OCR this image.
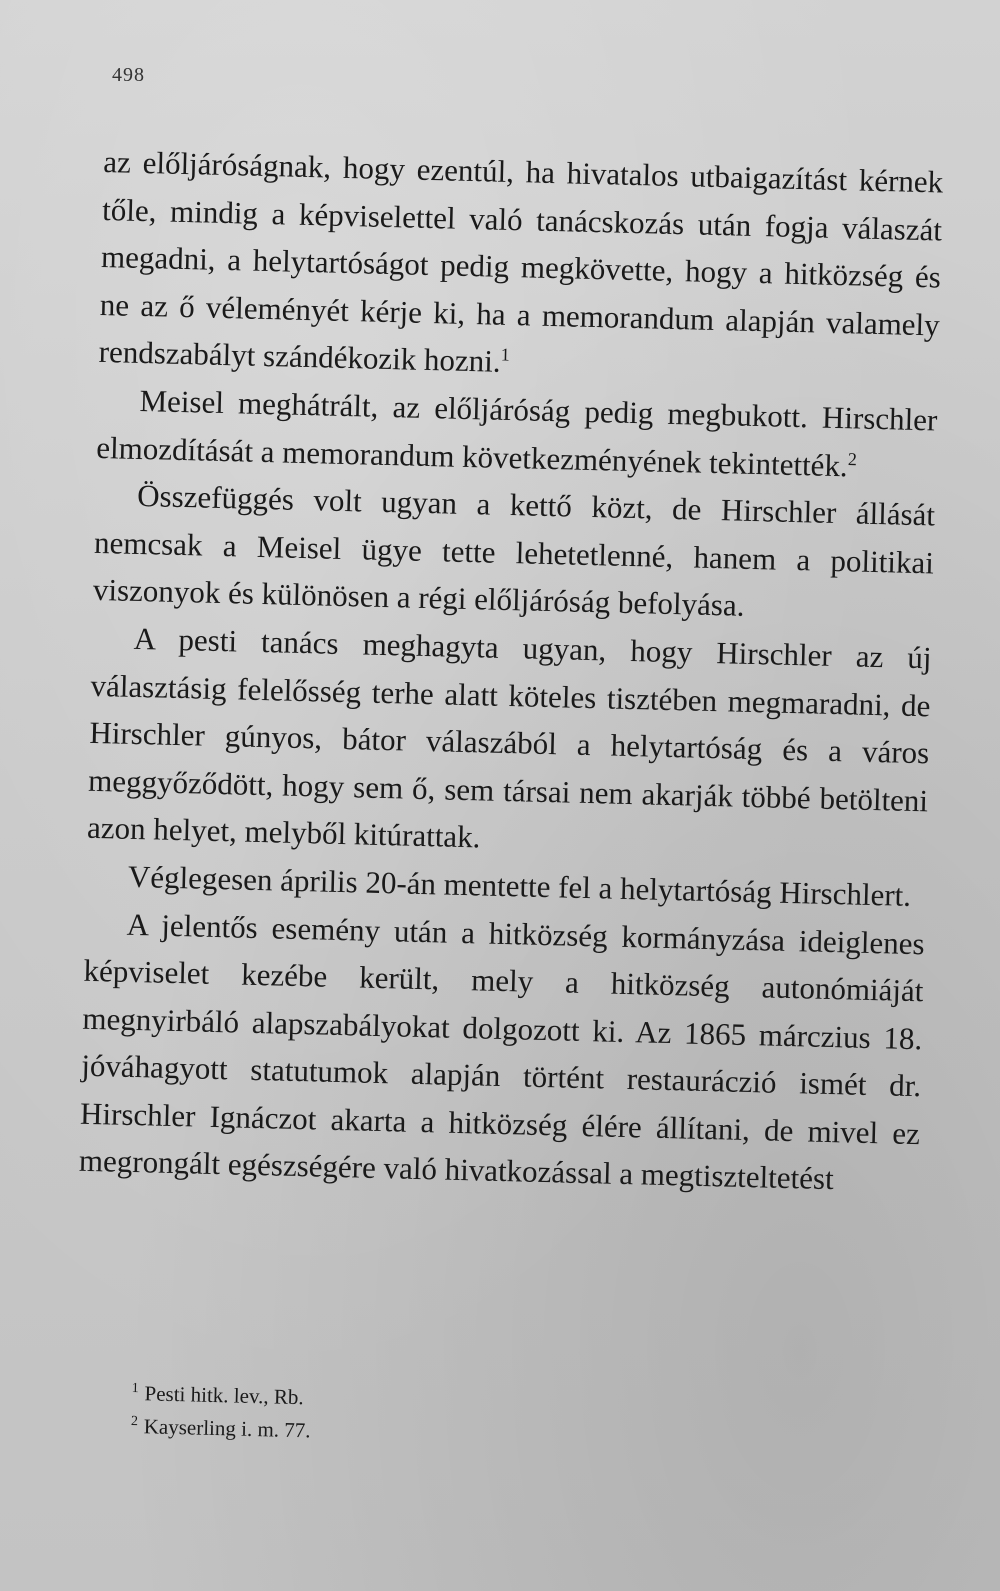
498

az előljáróságnak, hogy ezentúl, ha hivatalos utbaigazítást kérnek tőle, mindig a képviselettel való tanácskozás után fogja válaszát megadni, a helytartóságot pedig megkövette, hogy a hitközség és ne az ő véleményét kérje ki, ha a memorandum alapján valamely rendszabályt szándékozik hozni.$^1$

Meisel meghátrált, az előljáróság pedig megbukott. Hirschler elmozdítását a memorandum következményének tekintették.$^2$

Összefüggés volt ugyan a kettő közt, de Hirschler állását nemcsak a Meisel ügye tette lehetetlenné, hanem a politikai viszonyok és különösen a régi előljáróság befolyása.

A pesti tanács meghagyta ugyan, hogy Hirschler az új választásig felelősség terhe alatt köteles tisztében megmaradni, de Hirschler gúnyos, bátor válaszából a helytartóság és a város meggyőződött, hogy sem ő, sem társai nem akarják többé betölteni azon helyet, melyből kitúrattak.

Véglegesen április 20-án mentette fel a helytartóság Hirschlert.

A jelentős esemény után a hitközség kormányzása ideiglenes képviselet kezébe került, mely a hitközség autonómiáját megnyirbáló alapszabályokat dolgozott ki. Az 1865 márczius 18. jóváhagyott statutumok alapján történt restauráczió ismét dr. Hirschler Ignáczot akarta a hitközség élére állítani, de mivel ez megrongált egészségére való hivatkozással a megtiszteltetést

$^1$ Pesti hitk. lev., Rb.
$^2$ Kayserling i. m. 77.
